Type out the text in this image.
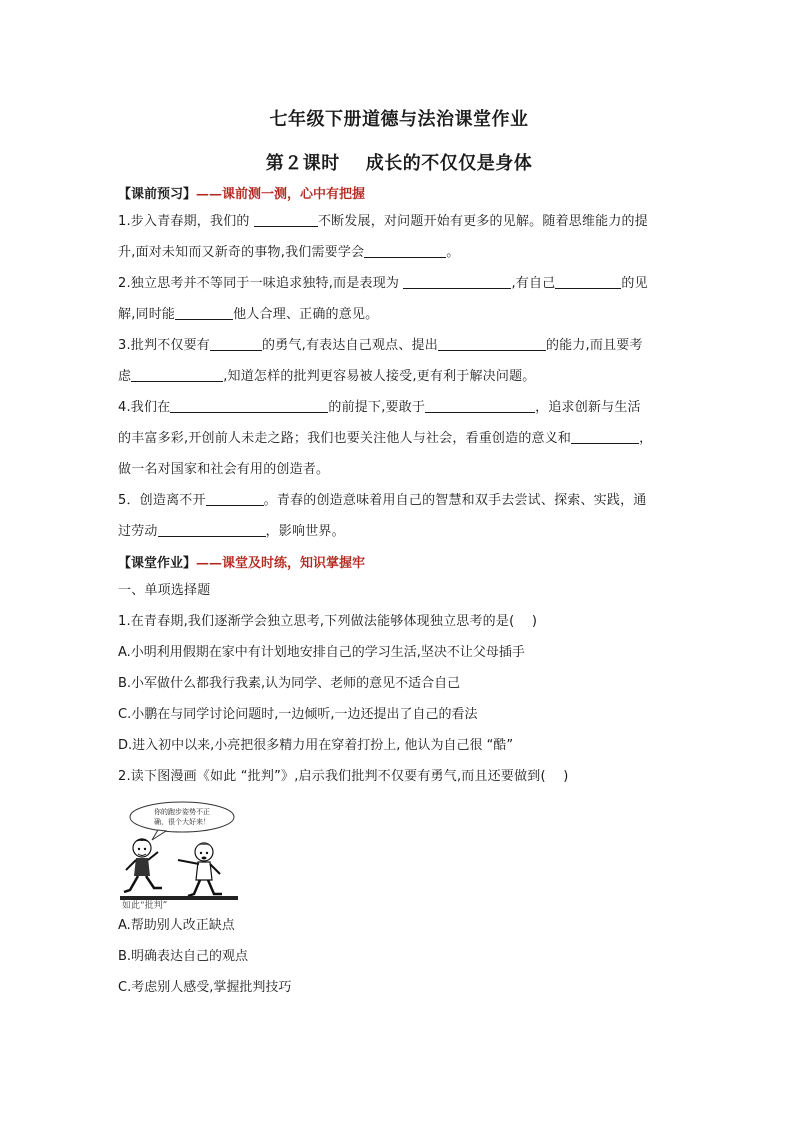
七年级下册道德与法治课堂作业
第２课时 成长的不仅仅是身体
【课前预习】——课前测一测，心中有把握

1.步入青春期，我们的	不断发展，对问题开始有更多的见解。随着思维能力的提
升,面对未知而又新奇的事物,我们需要学会	。

2.独立思考并不等同于一味追求独特,而是表现为	,有自己	的见
解,同时能	他人合理、正确的意见。

3.批判不仅要有	的勇气,有表达自己观点、提出	的能力,而且要考
虑	,知道怎样的批判更容易被人接受,更有利于解决问题。

4.我们在	的前提下,要敢于	，追求创新与生活
的丰富多彩,开创前人未走之路；我们也要关注他人与社会，看重创造的意义和	，
做一名对国家和社会有用的创造者。

5．创造离不开	。青春的创造意味着用自己的智慧和双手去尝试、探索、实践，通
过劳动	，影响世界。

【课堂作业】——课堂及时练，知识掌握牢

一、单项选择题

1.在青春期,我们逐渐学会独立思考,下列做法能够体现独立思考的是(　 )

A.小明利用假期在家中有计划地安排自己的学习生活,坚决不让父母插手

B.小军做什么都我行我素,认为同学、老师的意见不适合自己

C.小鹏在与同学讨论问题时,一边倾听,一边还提出了自己的看法

D.进入初中以来,小亮把很多精力用在穿着打扮上, 他认为自己很 “酷”

2.读下图漫画《如此 “批判”》,启示我们批判不仅要有勇气,而且还要做到(　 )

你的跑步姿势不正
确，很个大好来！
如此“批判”

A.帮助别人改正缺点

B.明确表达自己的观点

C.考虑别人感受,掌握批判技巧
